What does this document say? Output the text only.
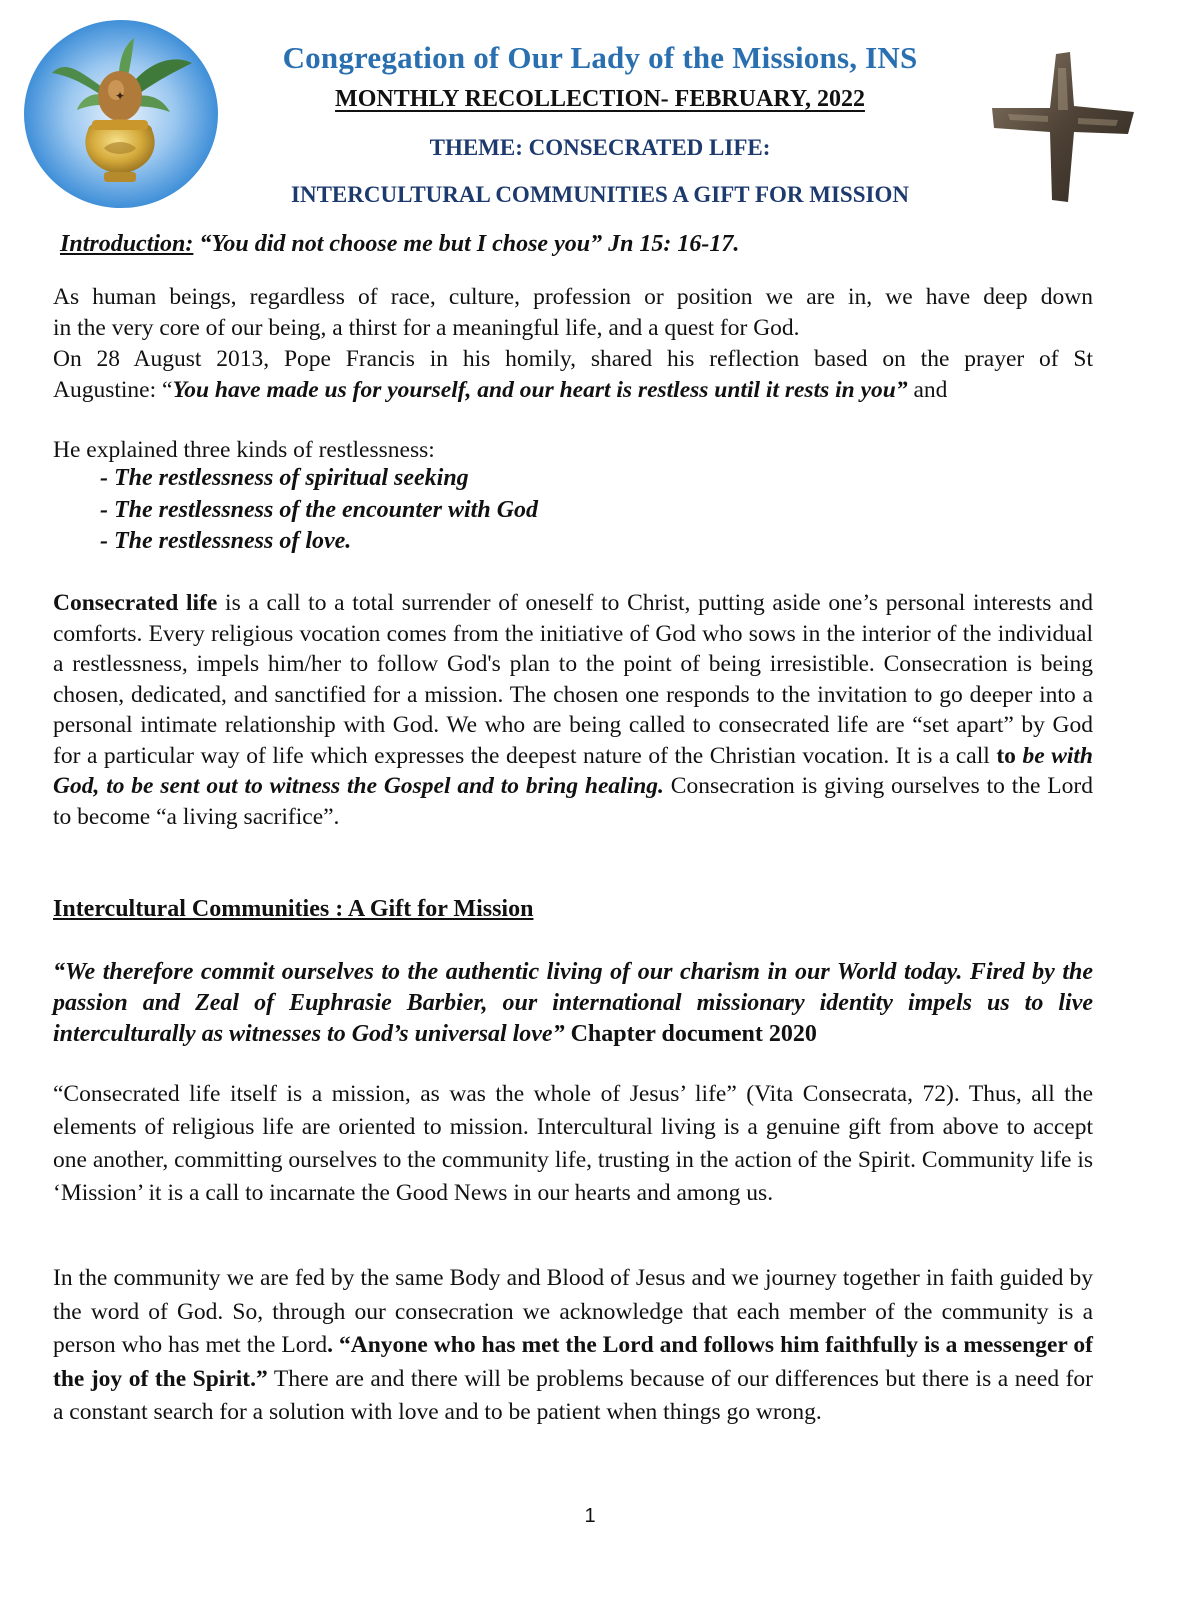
✦
Congregation of Our Lady of the Missions, INS
MONTHLY RECOLLECTION- FEBRUARY, 2022
THEME: CONSECRATED LIFE:
INTERCULTURAL COMMUNITIES A GIFT FOR MISSION
Introduction: “You did not choose me but I chose you” Jn 15: 16-17.
As human beings, regardless of race, culture, profession or position we are in, we have deep down
in the very core of our being, a thirst for a meaningful life, and a quest for God.
On 28 August 2013, Pope Francis in his homily, shared his reflection based on the prayer of St
Augustine: “You have made us for yourself, and our heart is restless until it rests in you” and
He explained three kinds of restlessness:
- The restlessness of spiritual seeking
- The restlessness of the encounter with God
- The restlessness of love.
Consecrated life is a call to a total surrender of oneself to Christ, putting aside one’s personal interests and comforts. Every religious vocation comes from the initiative of God who sows in the interior of the individual a restlessness, impels him/her to follow God's plan to the point of being irresistible. Consecration is being chosen, dedicated, and sanctified for a mission. The chosen one responds to the invitation to go deeper into a personal intimate relationship with God. We who are being called to consecrated life are “set apart” by God for a particular way of life which expresses the deepest nature of the Christian vocation. It is a call to be with God, to be sent out to witness the Gospel and to bring healing. Consecration is giving ourselves to the Lord to become “a living sacrifice”.
Intercultural Communities : A Gift for Mission
“We therefore commit ourselves to the authentic living of our charism in our World today. Fired by the passion and Zeal of Euphrasie Barbier, our international missionary identity impels us to live interculturally as witnesses to God’s universal love” Chapter document 2020
“Consecrated life itself is a mission, as was the whole of Jesus’ life” (Vita Consecrata, 72). Thus, all the elements of religious life are oriented to mission. Intercultural living is a genuine gift from above to accept one another, committing ourselves to the community life, trusting in the action of the Spirit. Community life is ‘Mission’ it is a call to incarnate the Good News in our hearts and among us.
In the community we are fed by the same Body and Blood of Jesus and we journey together in faith guided by the word of God. So, through our consecration we acknowledge that each member of the community is a person who has met the Lord. “Anyone who has met the Lord and follows him faithfully is a messenger of the joy of the Spirit.” There are and there will be problems because of our differences but there is a need for a constant search for a solution with love and to be patient when things go wrong.
1
